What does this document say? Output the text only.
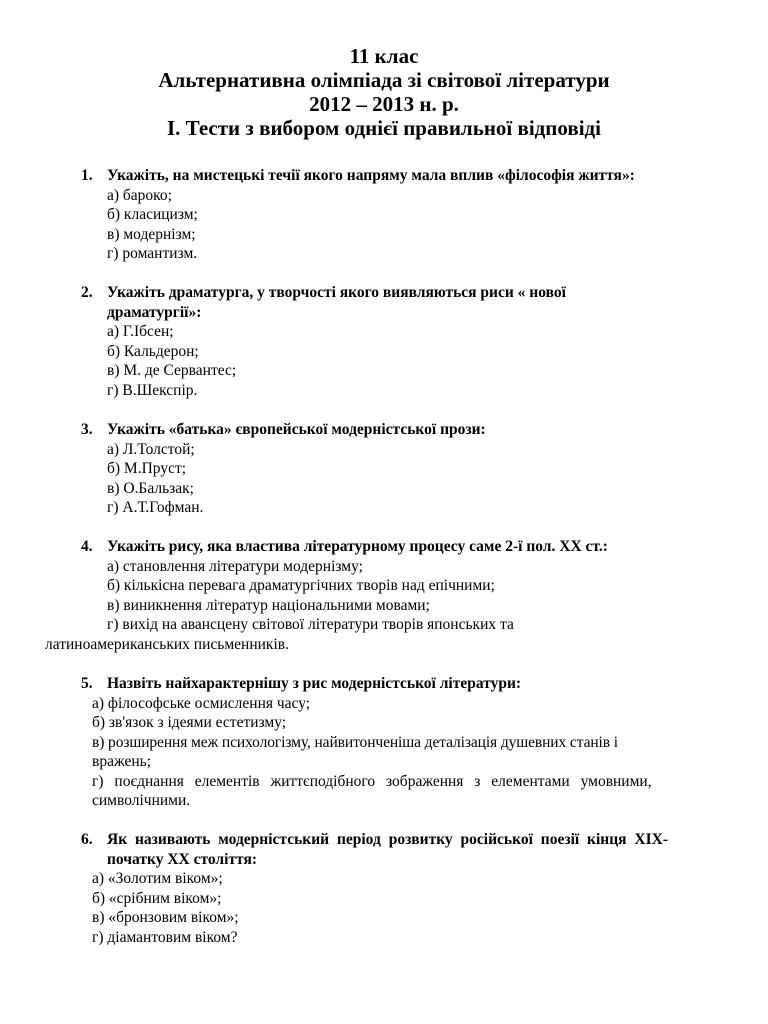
11 клас
Альтернативна олімпіада зі світової літератури
2012 – 2013 н. р.
І. Тести з вибором однієї правильної відповіді
1. Укажіть, на мистецькі течії якого напряму мала вплив «філософія життя»:
а) бароко;
б) класицизм;
в) модернізм;
г) романтизм.
2. Укажіть драматурга, у творчості якого виявляються риси « нової
драматургії»:
а) Г.Ібсен;
б) Кальдерон;
в) М. де Сервантес;
г) В.Шекспір.
3. Укажіть «батька» європейської модерністської прози:
а) Л.Толстой;
б) М.Пруст;
в) О.Бальзак;
г) А.Т.Гофман.
4. Укажіть рису, яка властива літературному процесу саме 2-ї пол. ХХ ст.:
а) становлення літератури модернізму;
б) кількісна перевага драматургічних творів над епічними;
в) виникнення літератур національними мовами;
г) вихід на авансцену світової літератури творів японських та
латиноамериканських письменників.
5. Назвіть найхарактернішу з рис модерністської літератури:
а) філософське осмислення часу;
б) зв'язок з ідеями естетизму;
в) розширення меж психологізму, найвитонченіша деталізація душевних станів і
вражень;
г) поєднання елементів життєподібного зображення з елементами умовними,
символічними.
6. Як називають модерністський період розвитку російської поезії кінця XIX-
початку ХХ століття:
а) «Золотим віком»;
б) «срібним віком»;
в) «бронзовим віком»;
г) діамантовим віком?
